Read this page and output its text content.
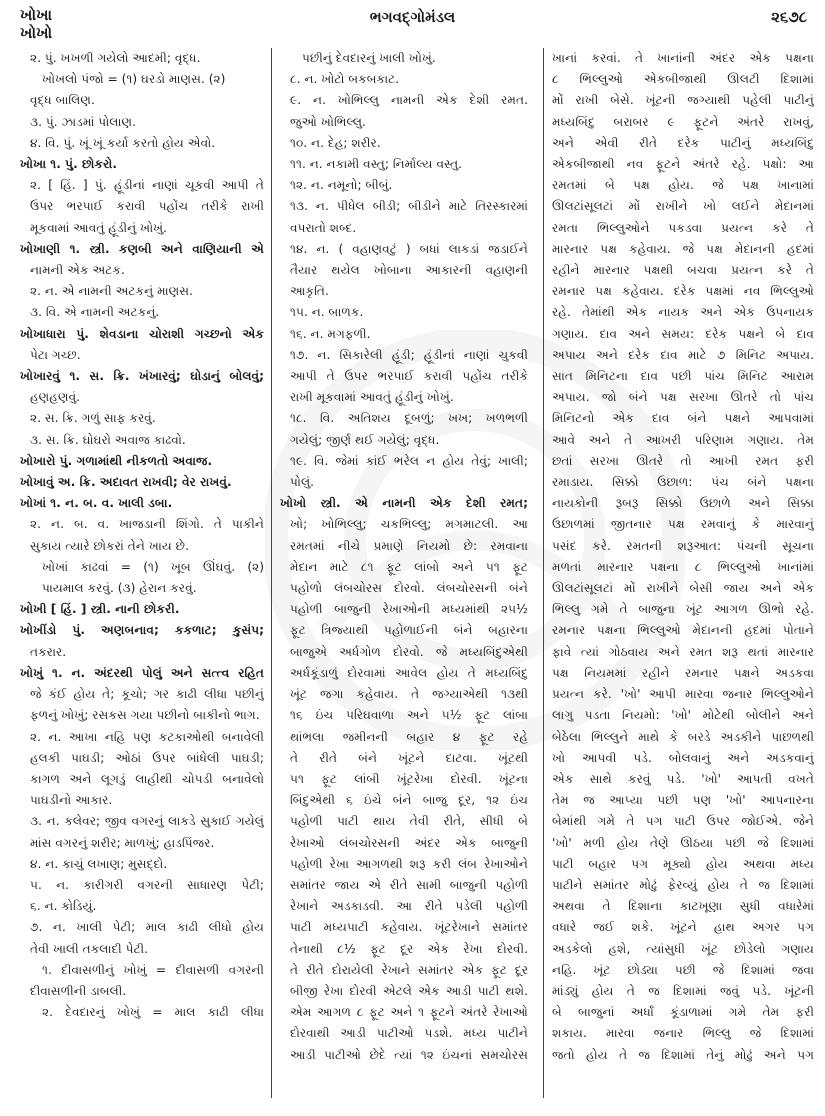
ખોખા
ખોખો
ભગવદ્ગોમંડલ	૨૬૭૮
૨. પું. ખખળી ગયેલો આદમી; વૃદ્ધ.
ખોખલો પંજો = (૧) ઘરડો માણસ. (૨)
વૃદ્ધ બાલિણ.
૩. પું. ઝાડમાં પોલાણ.
૪. વિ. પું. ખૂં ખૂં કર્યા કરતો હોય એવો.
ખોખા ૧. પું. છોકરો.
૨. [ હિં. ] પું. હૂંડીનાં નાણાં ચૂકવી આપી તે
ઉપર ભરપાઈ કરાવી પહોંચ તરીકે રાખી
મૂકવામાં આવતું હૂંડીનું ખોખું.
ખોખાણી ૧. સ્ત્રી. કણબી અને વાણિયાની એ
નામની એક અટક.
૨. ન. એ નામની અટકનું માણસ.
૩. વિ. એ નામની અટકનું.
ખોખાધારા પું. શેવડાના ચોરાશી ગચ્છનો એક
પેટા ગચ્છ.
ખોખારવું ૧. સ. ક્રિ. ખંખારવું; ઘોડાનું બોલવું;
હણહણવું.
૨. સ. ક્રિ. ગળું સાફ કરવું.
૩. સ. ક્રિ. ઘોઘરો અવાજ કાઢવો.
ખોખારો પું. ગળામાંથી નીકળતો અવાજ.
ખોખાવું અ. ક્રિ. અદાવત રાખવી; વેર રાખવું.
ખોખાં ૧. ન. બ. વ. ખાલી ડબા.
૨. ન. બ. વ. ખાજડાની શિંગો. તે પાકીને
સુકાય ત્યારે છોકરાં તેને ખાય છે.
ખોખાં કાઢવાં = (૧) ખૂબ ઊંઘવું. (૨)
પાયમાલ કરવું. (૩) હેરાન કરવું.
ખોખી [ હિં. ] સ્ત્રી. નાની છોકરી.
ખોખીંડો પું. અણબનાવ; કકળાટ; કુસંપ;
તકરાર.
ખોખું ૧. ન. અંદરથી પોલું અને સત્ત્વ રહિત
જે કંઈ હોય તે; કૂચો; ગર કાઢી લીધા પછીનું
ફળનું ખોખું; રસકસ ગયા પછીનો બાકીનો ભાગ.
૨. ન. આખા નહિ પણ કટકાઓથી બનાવેલી
હલકી પાઘડી; ઓઠાં ઉપર બાંધેલી પાઘડી;
કાગળ અને લૂગડું લાહીથી ચોપડી બનાવેલો
પાઘડીનો આકાર.
૩. ન. કલેવર; જીવ વગરનું લાકડે સુકાઈ ગયેલું
માંસ વગરનું શરીર; માળખું; હાડપિંજર.
૪. ન. કાચું લખાણ; મુસદ્દો.
૫. ન. કારીગરી વગરની સાધારણ પેટી;
૬. ન. કોડિયું.
૭. ન. ખાલી પેટી; માલ કાઢી લીધો હોય
તેવી ખાલી તકલાદી પેટી.
૧. દીવાસળીનું ખોખું = દીવાસળી વગરની
દીવાસળીની ડાબલી.
૨. દેવદારનું ખોખું = માલ કાઢી લીધા
પછીનું દેવદારનું ખાલી ખોખું.
૮. ન. ખોટો બકબકાટ.
૯. ન. ખોભિલ્લુ નામની એક દેશી રમત.
જુઓ ખોભિલ્લુ.
૧૦. ન. દેહ; શરીર.
૧૧. ન. નકામી વસ્તુ; નિર્માલ્ય વસ્તુ.
૧૨. ન. નમૂનો; બીબું.
૧૩. ન. પીધેલ બીડી; બીડીને માટે તિરસ્કારમાં
વપરાતો શબ્દ.
૧૪. ન. ( વહાણવટું ) બધાં લાકડાં જડાઈને
તૈયાર થયેલ ખોબાના આકારની વહાણની
આકૃતિ.
૧૫. ન. બાળક.
૧૬. ન. મગફળી.
૧૭. ન. સિકારેલી હૂંડી; હૂંડીનાં નાણાં ચુકવી
આપી તે ઉપર ભરપાઈ કરાવી પહોંચ તરીકે
રાખી મૂકવામાં આવતું હૂંડીનું ખોખું.
૧૮. વિ. અતિશય દૂબળું; ખખ; ખળભળી
ગયેલું; જીર્ણ થઈ ગયેલું; વૃદ્ધ.
૧૯. વિ. જેમાં કાંઈ ભરેલ ન હોય તેવું; ખાલી;
પોલું.
ખોખો સ્ત્રી. એ નામની એક દેશી રમત;
ખો; ખોભિલ્લુ; ચકભિલ્લુ; મગમાટલી. આ
રમતમાં નીચે પ્રમાણે નિયમો છે: રમવાના
મેદાન માટે ૮૧ ફૂટ લાંબો અને ૫૧ ફૂટ
પહોળો લંબચોરસ દોરવો. લંબચોરસની બંને
પહોળી બાજુની રેખાઓની મધ્યમાંથી ૨૫½
ફૂટ ત્રિજ્યાથી પહોળાઈની બંને બહારના
બાજુએ અર્ધગોળ દોરવો. જે મધ્યબિંદુએથી
અર્ધકૂંડાળું દોરવામાં આવેલ હોય તે મધ્યબિંદુ
ખૂંટ જગા કહેવાય. તે જગ્યાએથી ૧૩થી
૧૬ ઇંચ પરિઘવાળા અને ૫½ ફૂટ લાંબા
થાંભલા જમીનની બહાર ૪ ફૂટ રહે
તે રીતે બંને ખૂંટને દાટવા. ખૂંટથી
૫૧ ફૂટ લાંબી ખૂંટરેખા દોરવી. ખૂંટના
બિંદુએથી ૬ ઇંચે બંને બાજુ દૂર, ૧૨ ઇંચ
પહોળી પાટી થાય તેવી રીતે, સીધી બે
રેખાઓ લંબચોરસની અંદર એક બાજુની
પહોળી રેખા આગળથી શરૂ કરી લંબ રેખાઓને
સમાંતર જાય એ રીતે સામી બાજુની પહોળી
રેખાને અડકાડવી. આ રીતે પડેલી પહોળી
પાટી મધ્યપાટી કહેવાય. ખૂંટરેખાને સમાંતર
તેનાથી ૮½ ફૂટ દૂર એક રેખા દોરવી.
તે રીતે દોરાયેલી રેખાને સમાંતર એક ફૂટ દૂર
બીજી રેખા દોરવી એટલે એક આડી પાટી થશે.
એમ આગળ ૮ ફૂટ અને ૧ ફૂટને અંતરે રેખાઓ
દોરવાથી આડી પાટીઓ પડશે. મધ્ય પાટીને
આડી પાટીઓ છેદે ત્યાં ૧૨ ઇંચનાં સમચોરસ
ખાનાં કરવાં. તે ખાનાંની અંદર એક પક્ષના
૮ ભિલ્લુઓ એકબીજાથી ઊલટી દિશામાં
મોં રાખી બેસે. ખૂંટની જગ્યાથી પહેલી પાટીનું
મધ્યબિંદુ બરાબર ૯ ફૂટને અંતરે રાખવું,
અને એવી રીતે દરેક પાટીનું મધ્યબિંદુ
એકબીજાથી નવ ફૂટને અંતરે રહે. પક્ષો: આ
રમતમાં બે પક્ષ હોય. જે પક્ષ ખાનામાં
ઊલટાંસૂલટાં મોં રાખીને ખો લઈને મેદાનમાં
રમતા ભિલ્લુઓને પકડવા પ્રયત્ન કરે તે
મારનાર પક્ષ કહેવાય. જે પક્ષ મેદાનની હદમાં
રહીને મારનાર પક્ષથી બચવા પ્રયત્ન કરે તે
રમનાર પક્ષ કહેવાય. દરેક પક્ષમાં નવ ભિલ્લુઓ
રહે. તેમાંથી એક નાયક અને એક ઉપનાયક
ગણાય. દાવ અને સમય: દરેક પક્ષને બે દાવ
અપાય અને દરેક દાવ માટે ૭ મિનિટ અપાય.
સાત મિનિટના દાવ પછી પાંચ મિનિટ આરામ
અપાય. જો બંને પક્ષ સરખા ઊતરે તો પાંચ
મિનિટનો એક દાવ બંને પક્ષને આપવામાં
આવે અને તે આખરી પરિણામ ગણાય. તેમ
છતાં સરખા ઊતરે તો આખી રમત ફરી
રમાડાય. સિક્કો ઉછાળ: પંચ બંને પક્ષના
નાયકોની રૂબરૂ સિક્કો ઉછાળે અને સિક્કા
ઉછાળમાં જીતનાર પક્ષ રમવાનું કે મારવાનું
પસંદ કરે. રમતની શરૂઆત: પંચની સૂચના
મળતાં મારનાર પક્ષના ૮ ભિલ્લુઓ ખાનાંમાં
ઊલટાંસૂલટાં મોં રાખીને બેસી જાય અને એક
ભિલ્લુ ગમે તે બાજુના ખૂંટ આગળ ઊભો રહે.
રમનાર પક્ષના ભિલ્લુઓ મેદાનની હદમાં પોતાને
ફાવે ત્યાં ગોઠવાય અને રમત શરૂ થતાં મારનાર
પક્ષ નિયમમાં રહીને રમનાર પક્ષને અડકવા
પ્રયત્ન કરે. 'ખો' આપી મારવા જનાર ભિલ્લુઓને
લાગુ પડતા નિયમો: 'ખો' મોટેથી બોલીને અને
બેઠેલા ભિલ્લુને માથે કે બરડે અડકીને પાછળથી
ખો આપવી પડે. બોલવાનું અને અડકવાનું
એક સાથે કરવું પડે. 'ખો' આપતી વખતે
તેમ જ આપ્યા પછી પણ 'ખો' આપનારના
બેમાંથી ગમે તે પગ પાટી ઉપર જોઈએ. જેને
'ખો' મળી હોય તેણે ઊઠયા પછી જે દિશામાં
પાટી બહાર પગ મૂક્યો હોય અથવા મધ્ય
પાટીને સમાંતર મોઢું ફેરવ્યું હોય તે જ દિશામાં
અથવા તે દિશાના કાટખૂણા સુધી વધારેમાં
વધારે જઈ શકે. ખૂંટને હાથ અગર પગ
અડકેલો હશે, ત્યાંસુધી ખૂંટ છોડેલો ગણાય
નહિ. ખૂંટ છોડ્યા પછી જે દિશામાં જવા
માંડ્યું હોય તે જ દિશામાં જવું પડે. ખૂંટની
બે બાજુનાં અર્ધાં કૂંડાળામાં ગમે તેમ ફરી
શકાય. મારવા જનાર ભિલ્લુ જે દિશામાં
જતો હોય તે જ દિશામાં તેનું મોઢું અને પગ
